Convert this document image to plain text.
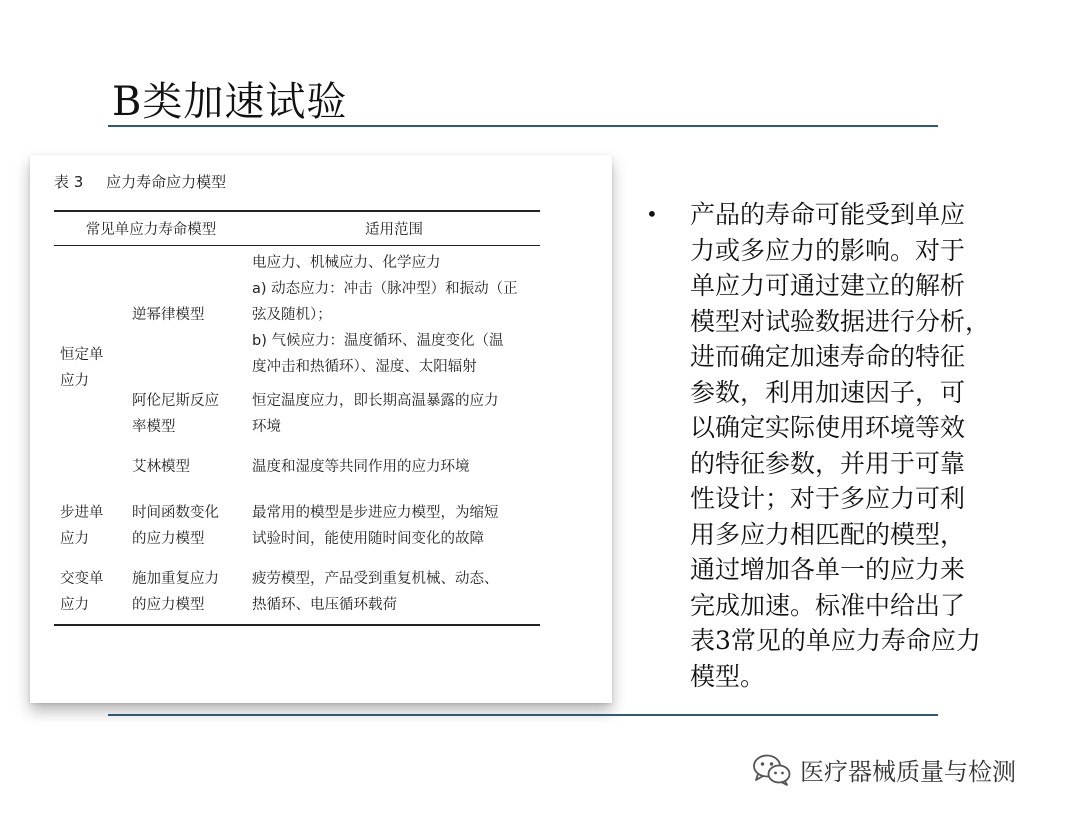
B类加速试验
表 3 应力寿命应力模型
常见单应力寿命模型		适用范围

恒定单
应力	逆幂律模型	电应力、机械应力、化学应力
a) 动态应力：冲击（脉冲型）和振动（正
弦及随机）；
b) 气候应力：温度循环、温度变化（温
度冲击和热循环）、湿度、太阳辐射

	阿伦尼斯反应
率模型	恒定温度应力，即长期高温暴露的应力
环境

	艾林模型	温度和湿度等共同作用的应力环境

步进单
应力	时间函数变化
的应力模型	最常用的模型是步进应力模型，为缩短
试验时间，能使用随时间变化的故障

交变单
应力	施加重复应力
的应力模型	疲劳模型，产品受到重复机械、动态、
热循环、电压循环载荷
• 产品的寿命可能受到单应
力或多应力的影响。对于
单应力可通过建立的解析
模型对试验数据进行分析，
进而确定加速寿命的特征
参数，利用加速因子，可
以确定实际使用环境等效
的特征参数，并用于可靠
性设计；对于多应力可利
用多应力相匹配的模型，
通过增加各单一的应力来
完成加速。标准中给出了
表3常见的单应力寿命应力
模型。
医疗器械质量与检测
